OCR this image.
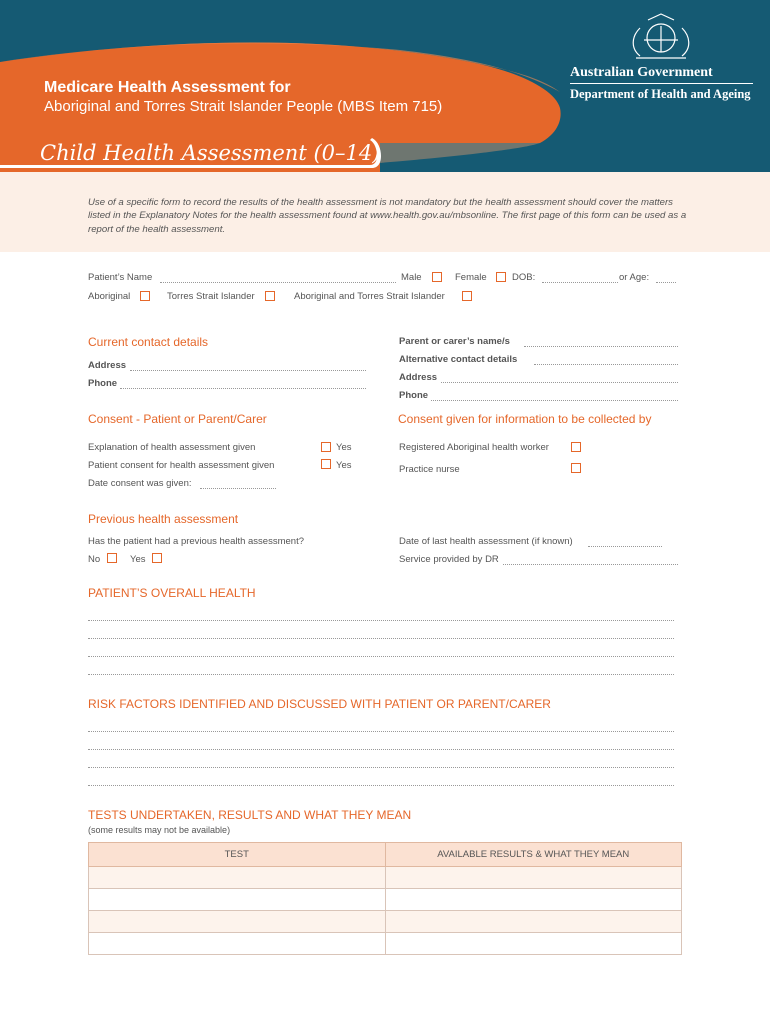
Medicare Health Assessment for
Aboriginal and Torres Strait Islander People (MBS Item 715)
Australian Government
Department of Health and Ageing
Child Health Assessment (0–14)

Use of a specific form to record the results of the health assessment is not mandatory but the health assessment should cover the matters listed in the Explanatory Notes for the health assessment found at www.health.gov.au/mbsonline. The first page of this form can be used as a report of the health assessment.

Patient’s Name	Male	Female	DOB:	or Age:
Aboriginal	Torres Strait Islander	Aboriginal and Torres Strait Islander
Current contact details
Address
Phone
Parent or carer’s name/s
Alternative contact details
Address
Phone
Consent - Patient or Parent/Carer
Explanation of health assessment given	Yes
Patient consent for health assessment given	Yes
Date consent was given:
Consent given for information to be collected by
Registered Aboriginal health worker
Practice nurse
Previous health assessment
Has the patient had a previous health assessment?
No	Yes
Date of last health assessment (if known)
Service provided by DR
PATIENT’S OVERALL HEALTH
RISK FACTORS IDENTIFIED AND DISCUSSED WITH PATIENT OR PARENT/CARER
TESTS UNDERTAKEN, RESULTS AND WHAT THEY MEAN
(some results may not be available)
TEST	AVAILABLE RESULTS & WHAT THEY MEAN
